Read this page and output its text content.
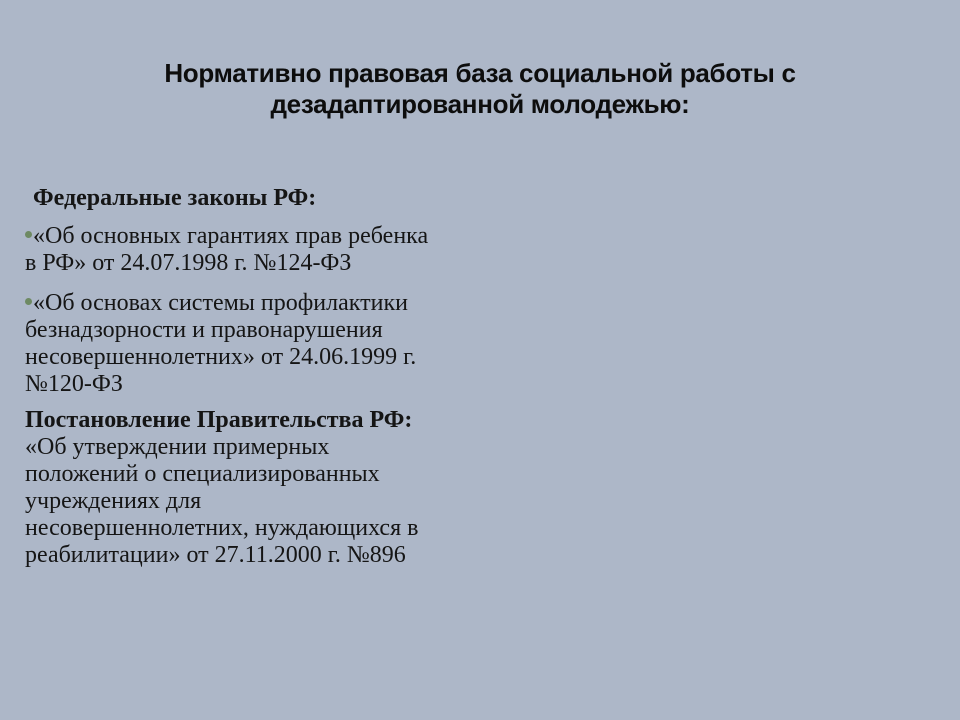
Нормативно правовая база социальной работы с
дезадаптированной молодежью:

Федеральные законы РФ:

«Об основных гарантиях прав ребенка
в РФ» от 24.07.1998 г. №124-ФЗ

«Об основах системы профилактики
безнадзорности и правонарушения
несовершеннолетних» от 24.06.1999 г.
№120-ФЗ

Постановление Правительства РФ:
«Об утверждении примерных
положений о специализированных
учреждениях для
несовершеннолетних, нуждающихся в
реабилитации» от 27.11.2000 г. №896
